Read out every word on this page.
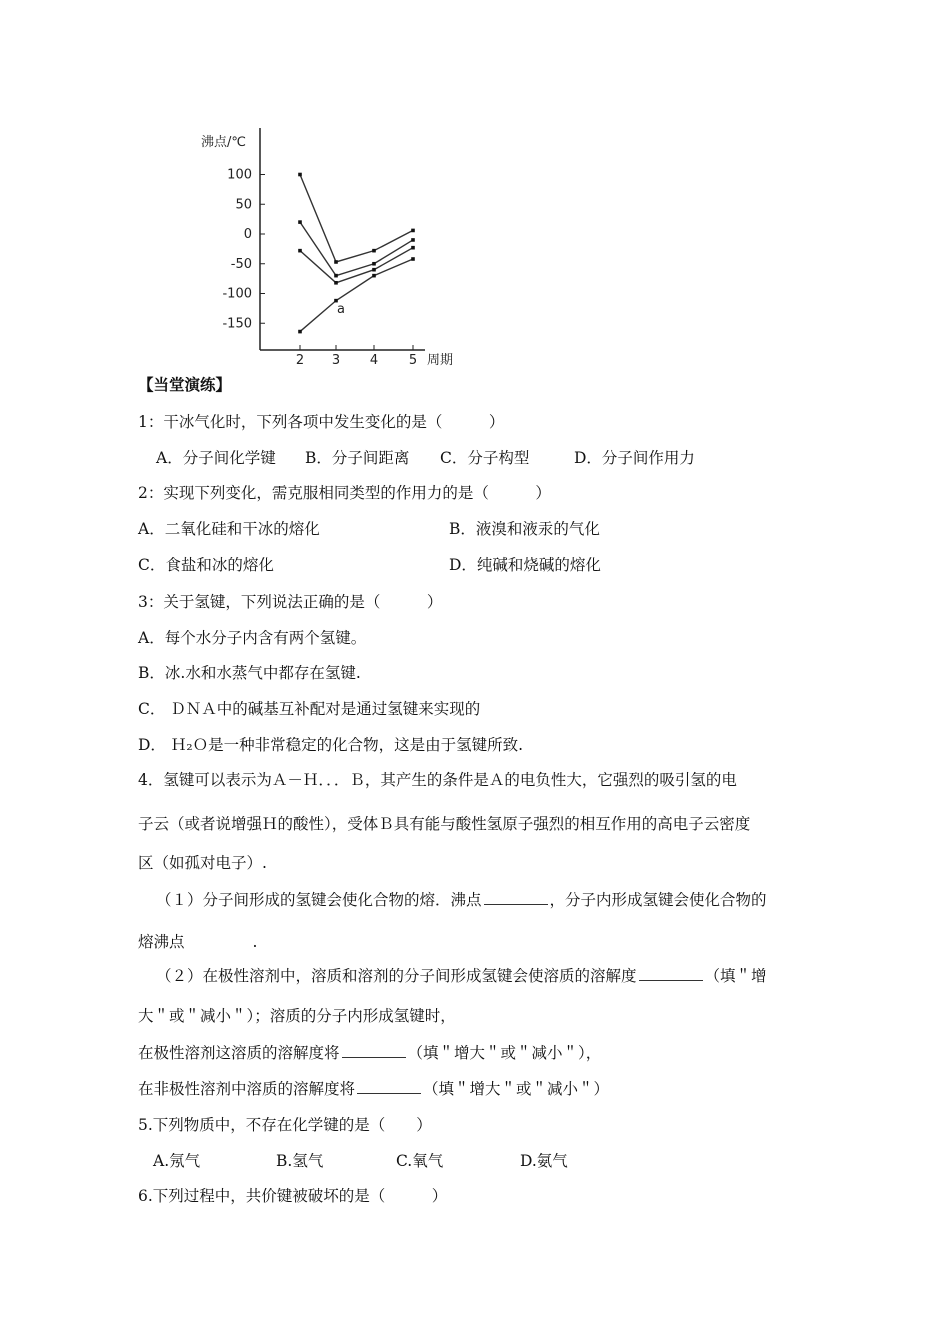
沸点/℃
100
50
0
-50
-100
-150
2 3 4 5 周期
a
【当堂演练】
1：干冰气化时，下列各项中发生变化的是（　　　）
A．分子间化学键 B．分子间距离 C．分子构型	D．分子间作用力
2：实现下列变化，需克服相同类型的作用力的是（　　　）
A．二氧化硅和干冰的熔化	B．液溴和液汞的气化
C．食盐和冰的熔化	D．纯碱和烧碱的熔化
3：关于氢键，下列说法正确的是（　　　）
A．每个水分子内含有两个氢键。
B．冰.水和水蒸气中都存在氢键.
C． ＤＮＡ中的碱基互补配对是通过氢键来实现的
D． Ｈ₂Ｏ是一种非常稳定的化合物，这是由于氢键所致.
4．氢键可以表示为Ａ－Ｈ．．．Ｂ，其产生的条件是Ａ的电负性大，它强烈的吸引氢的电
子云（或者说增强Ｈ的酸性），受体Ｂ具有能与酸性氢原子强烈的相互作用的高电子云密度
区（如孤对电子）.
（１）分子间形成的氢键会使化合物的熔．沸点	，分子内形成氢键会使化合物的
熔沸点	.
（２）在极性溶剂中，溶质和溶剂的分子间形成氢键会使溶质的溶解度	（填＂增
大＂或＂减小＂）；溶质的分子内形成氢键时，
在极性溶剂这溶质的溶解度将	（填＂增大＂或＂减小＂），
在非极性溶剂中溶质的溶解度将	（填＂增大＂或＂减小＂）
5.下列物质中，不存在化学键的是（　　）
A.氖气	B.氢气	C.氧气	D.氨气
6.下列过程中，共价键被破坏的是（　　　）
